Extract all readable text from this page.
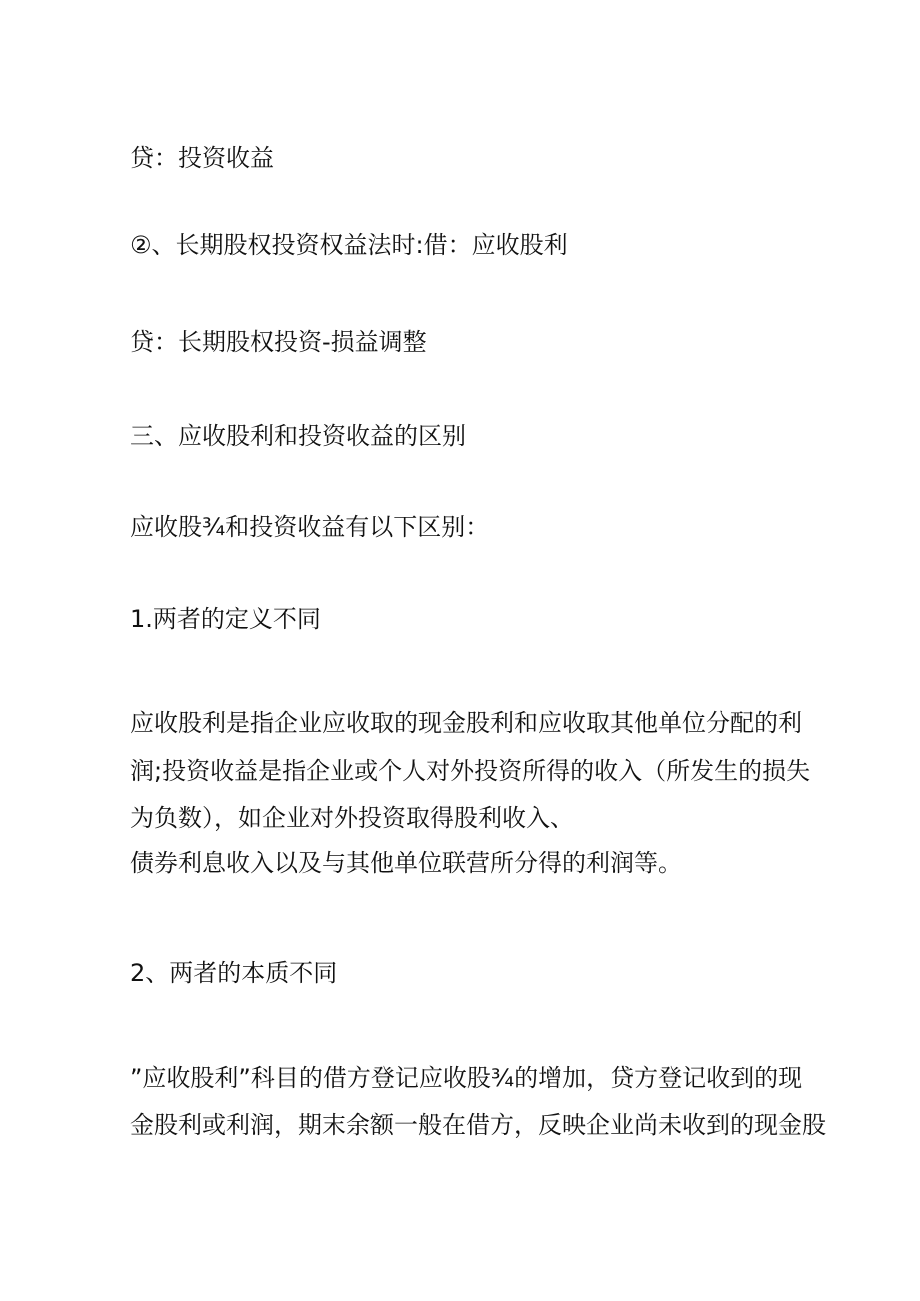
贷：投资收益
②、长期股权投资权益法时:借：应收股利
贷：长期股权投资-损益调整
三、应收股利和投资收益的区别
应收股¾和投资收益有以下区别：
1.两者的定义不同
应收股利是指企业应收取的现金股利和应收取其他单位分配的利
润;投资收益是指企业或个人对外投资所得的收入（所发生的损失
为负数），如企业对外投资取得股利收入、
债券利息收入以及与其他单位联营所分得的利润等。
2、两者的本质不同
”应收股利”科目的借方登记应收股¾的增加，贷方登记收到的现
金股利或利润，期末余额一般在借方，反映企业尚未收到的现金股
